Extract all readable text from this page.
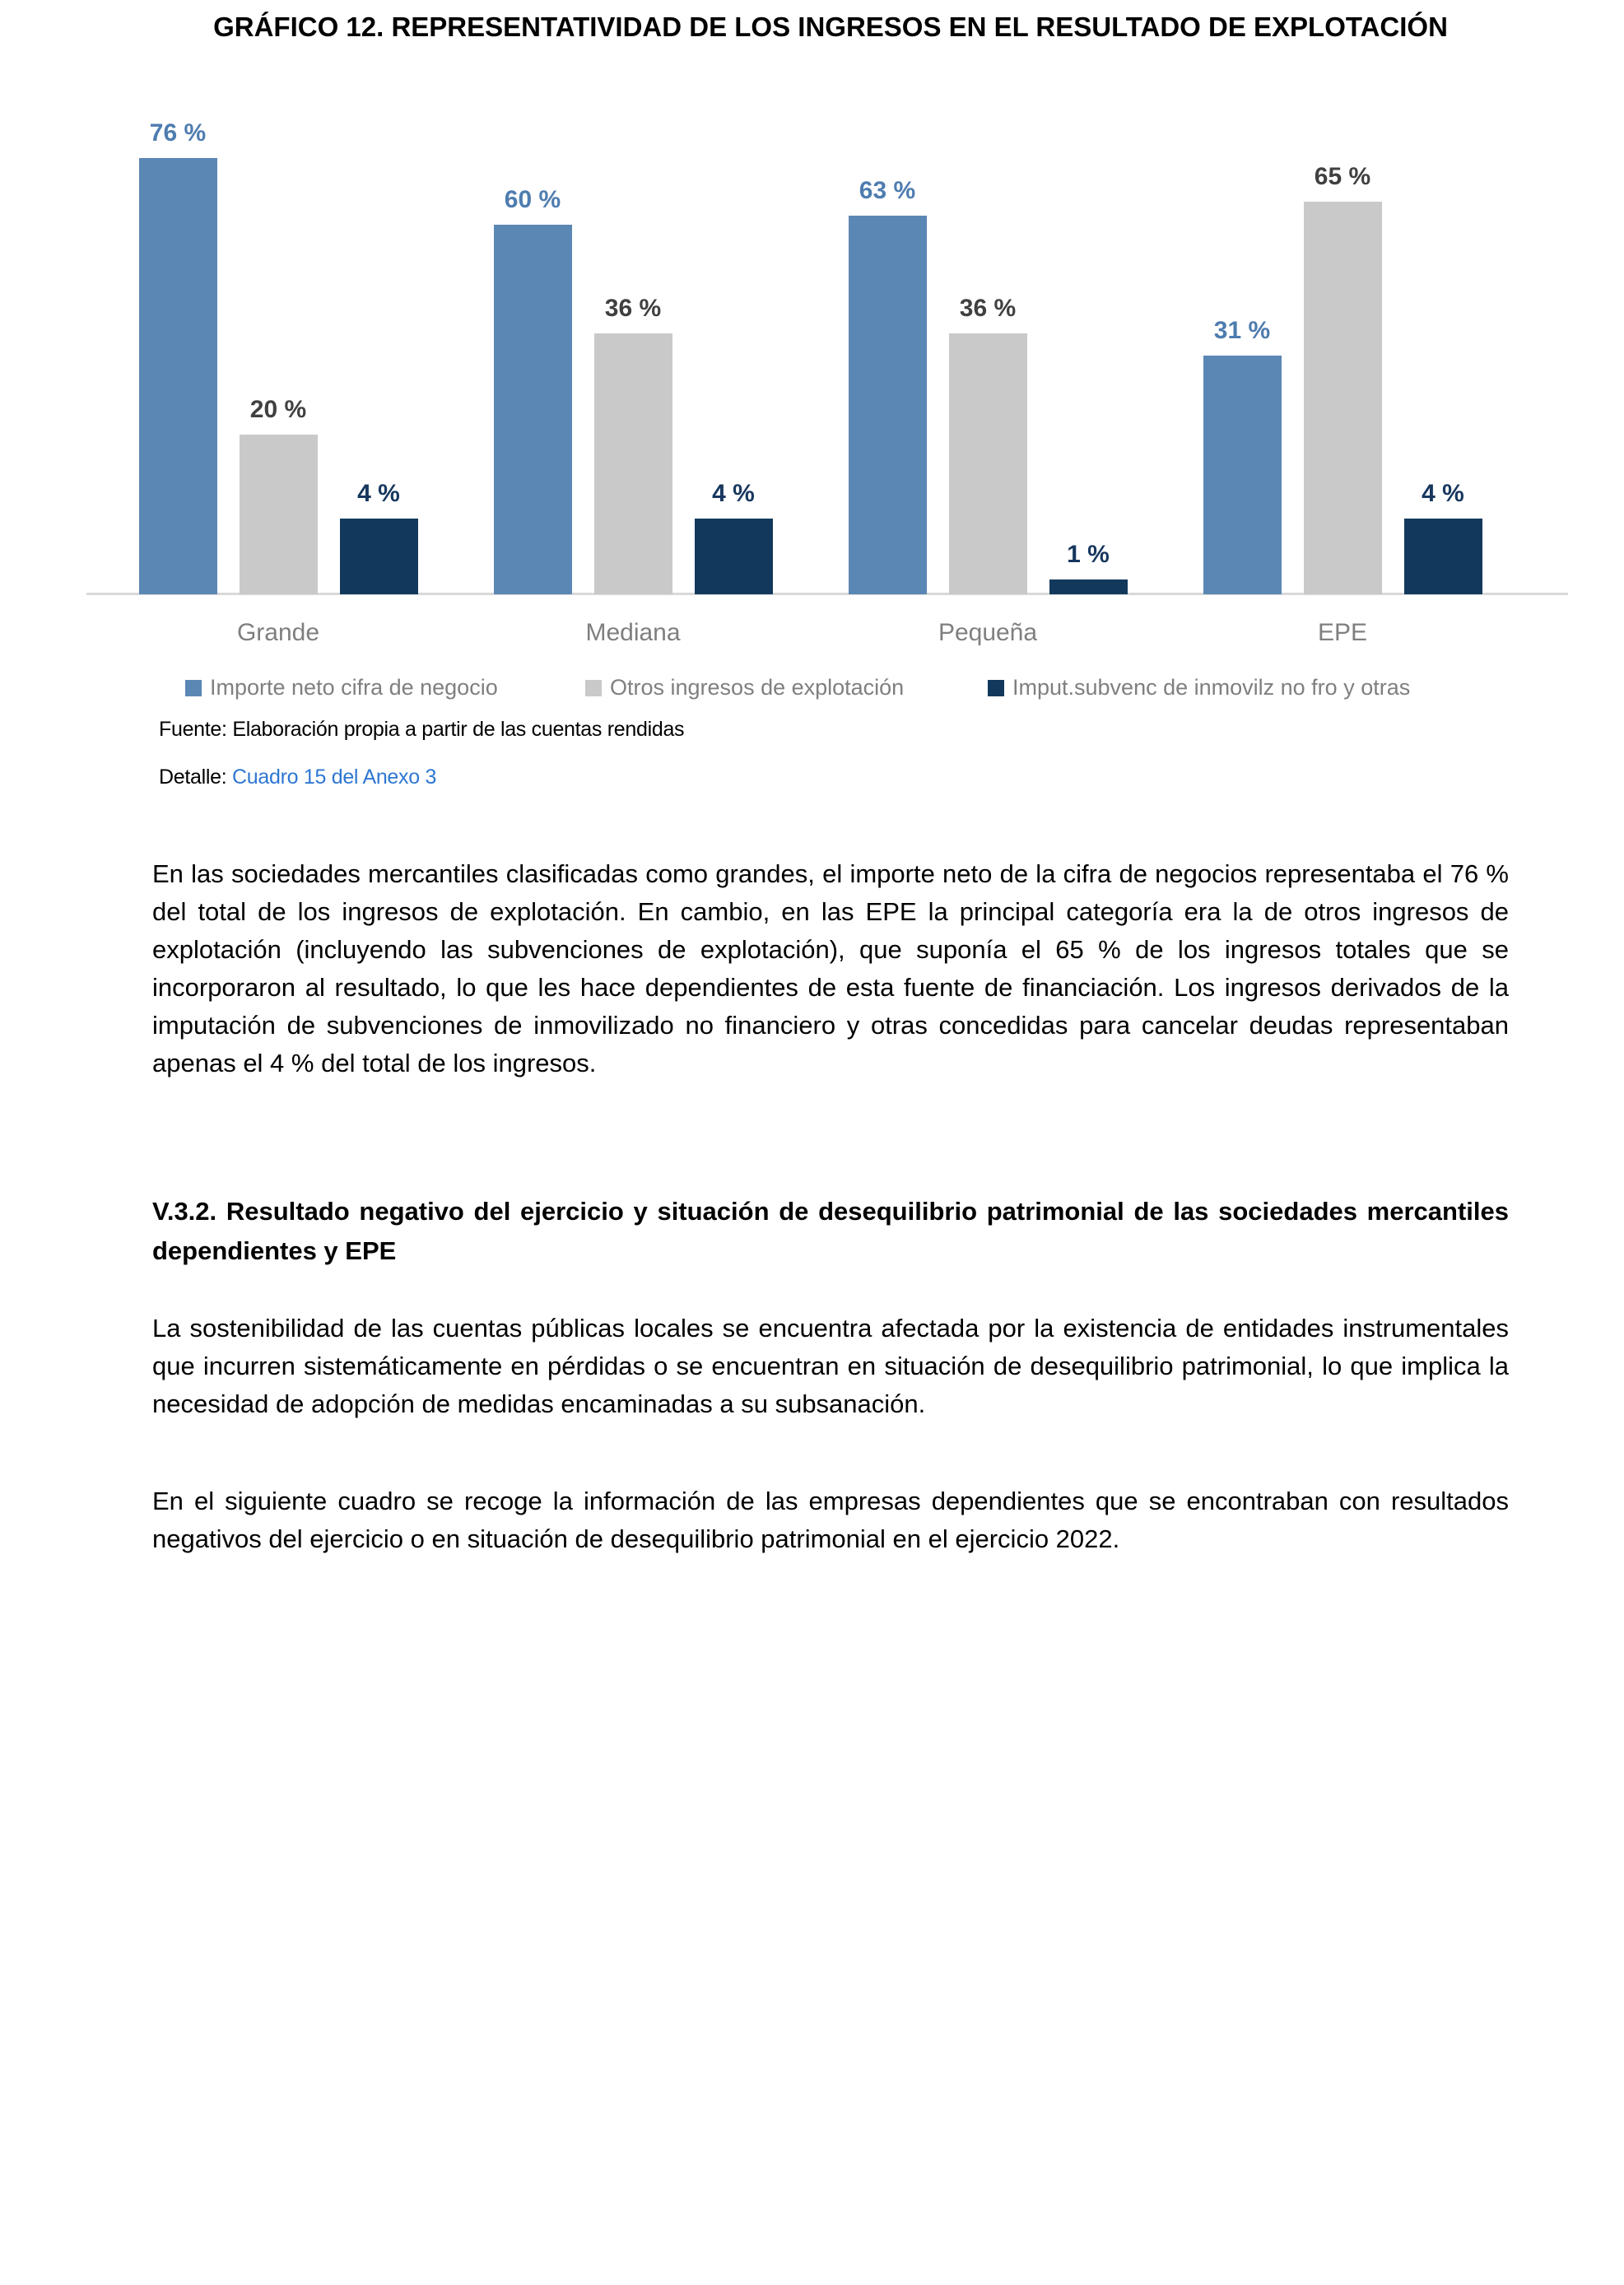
GRÁFICO 12. REPRESENTATIVIDAD DE LOS INGRESOS EN EL RESULTADO DE EXPLOTACIÓN
76 %
60 %	63 %
31 %
20 %
36 %	36 %
65 %
4 %	4 %
1 %
4 %
Grande	Mediana	Pequeña	EPE
Importe neto cifra de negocio	Otros ingresos de explotación	Imput.subvenc de inmovilz no fro y otras
Fuente: Elaboración propia a partir de las cuentas rendidas
Detalle: Cuadro 15 del Anexo 3

En las sociedades mercantiles clasificadas como grandes, el importe neto de la cifra de negocios representaba el 76 % del total de los ingresos de explotación. En cambio, en las EPE la principal categoría era la de otros ingresos de explotación (incluyendo las subvenciones de explotación), que suponía el 65 % de los ingresos totales que se incorporaron al resultado, lo que les hace dependientes de esta fuente de financiación. Los ingresos derivados de la imputación de subvenciones de inmovilizado no financiero y otras concedidas para cancelar deudas representaban apenas el 4 % del total de los ingresos.

V.3.2. Resultado negativo del ejercicio y situación de desequilibrio patrimonial de las sociedades mercantiles dependientes y EPE

La sostenibilidad de las cuentas públicas locales se encuentra afectada por la existencia de entidades instrumentales que incurren sistemáticamente en pérdidas o se encuentran en situación de desequilibrio patrimonial, lo que implica la necesidad de adopción de medidas encaminadas a su subsanación.

En el siguiente cuadro se recoge la información de las empresas dependientes que se encontraban con resultados negativos del ejercicio o en situación de desequilibrio patrimonial en el ejercicio 2022.
